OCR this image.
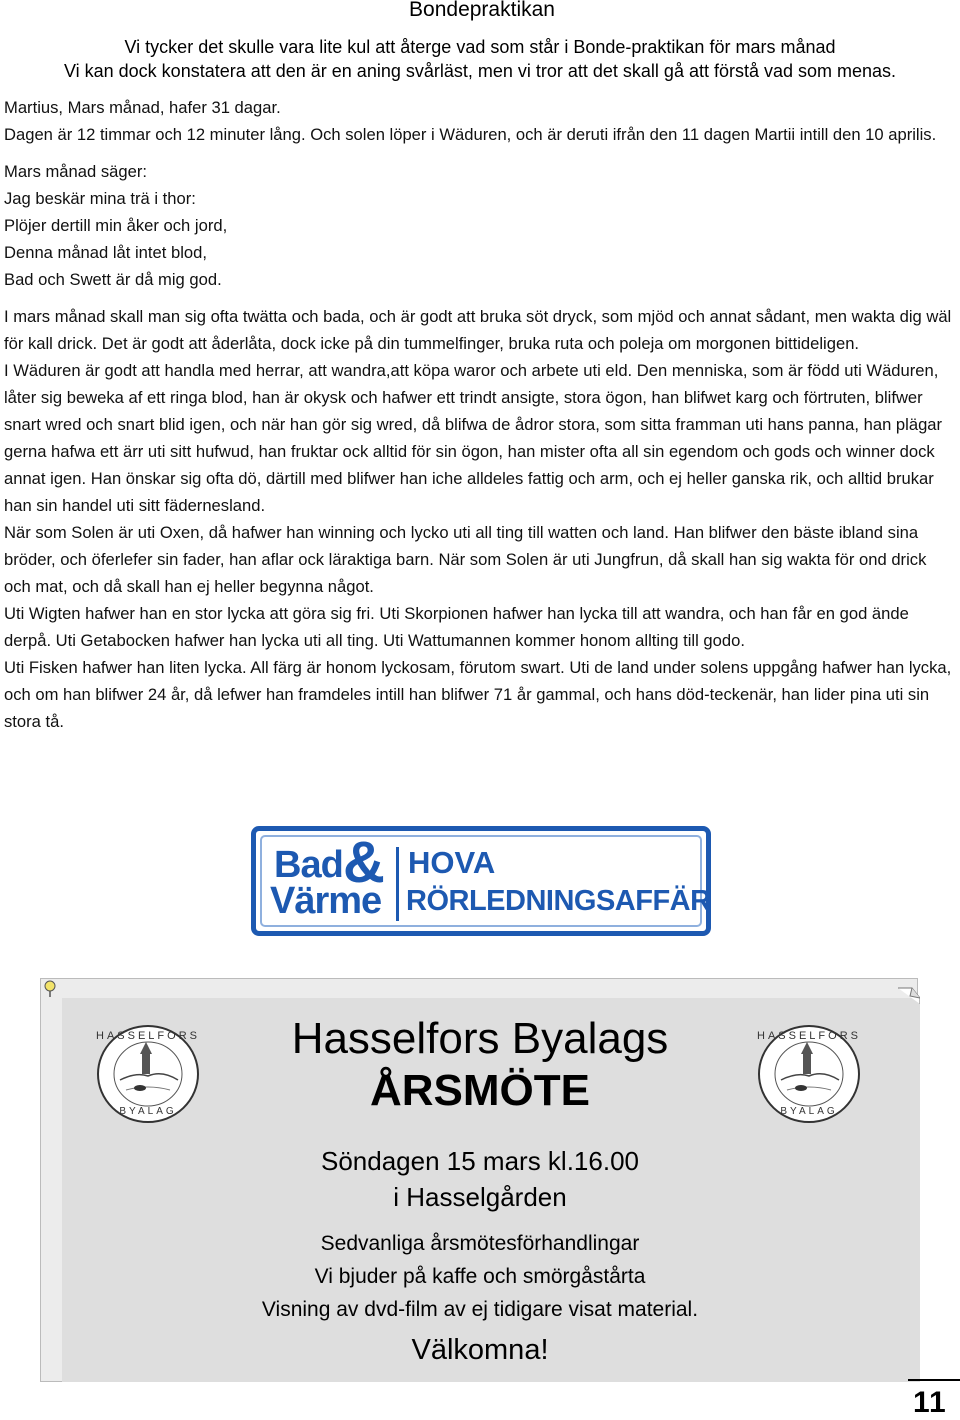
Bondepraktikan
Vi tycker det skulle vara lite kul att återge vad som står i Bonde-praktikan för mars månad
Vi kan dock konstatera att den är en aning svårläst, men vi tror att det skall gå att förstå vad som menas.

Martius, Mars månad, hafer 31 dagar.

Dagen är 12 timmar och 12 minuter lång. Och solen löper i Wäduren, och är deruti ifrån den 11 dagen Martii intill den 10 aprilis.

Mars månad säger:

Jag beskär mina trä i thor:

Plöjer dertill min åker och jord,

Denna månad låt intet blod,

Bad och Swett är då mig god.

I mars månad skall man sig ofta twätta och bada, och är godt att bruka söt dryck, som mjöd och annat sådant, men wakta dig wäl för kall drick. Det är godt att åderlåta, dock icke på din tummelfinger, bruka ruta och poleja om morgonen bittideligen.

I Wäduren är godt att handla med herrar, att wandra,att köpa waror och arbete uti eld. Den menniska, som är född uti Wäduren, låter sig beweka af ett ringa blod, han är okysk och hafwer ett trindt ansigte, stora ögon, han blifwet karg och förtruten, blifwer snart wred och snart blid igen, och när han gör sig wred, då blifwa de ådror stora, som sitta framman uti hans panna, han plägar gerna hafwa ett ärr uti sitt hufwud, han fruktar ock alltid för sin ögon, han mister ofta all sin egendom och gods och winner dock annat igen. Han önskar sig ofta dö, därtill med blifwer han iche alldeles fattig och arm, och ej heller ganska rik, och alltid brukar han sin handel uti sitt fädernesland.

När som Solen är uti Oxen, då hafwer han winning och lycko uti all ting till watten och land. Han blifwer den bäste ibland sina bröder, och öferlefer sin fader, han aflar ock läraktiga barn. När som Solen är uti Jungfrun, då skall han sig wakta för ond drick och mat, och då skall han ej heller begynna något.

Uti Wigten hafwer han en stor lycka att göra sig fri. Uti Skorpionen hafwer han lycka till att wandra, och han får en god ände derpå. Uti Getabocken hafwer han lycka uti all ting. Uti Wattumannen kommer honom allting till godo.

Uti Fisken hafwer han liten lycka. All färg är honom lyckosam, förutom swart. Uti de land under solens uppgång hafwer han lycka, och om han blifwer 24 år, då lefwer han framdeles intill han blifwer 71 år gammal, och hans död-teckenär, han lider pina uti sin stora tå.

Bad &
Värme
HOVA
RÖRLEDNINGSAFFÄR
HASSELFORS
BYALAG
HASSELFORS
BYALAG
Hasselfors Byalags
ÅRSMÖTE
Söndagen 15 mars kl.16.00
i Hasselgården
Sedvanliga årsmötesförhandlingar
Vi bjuder på kaffe och smörgåstårta
Visning av dvd-film av ej tidigare visat material.
Välkomna!
11
